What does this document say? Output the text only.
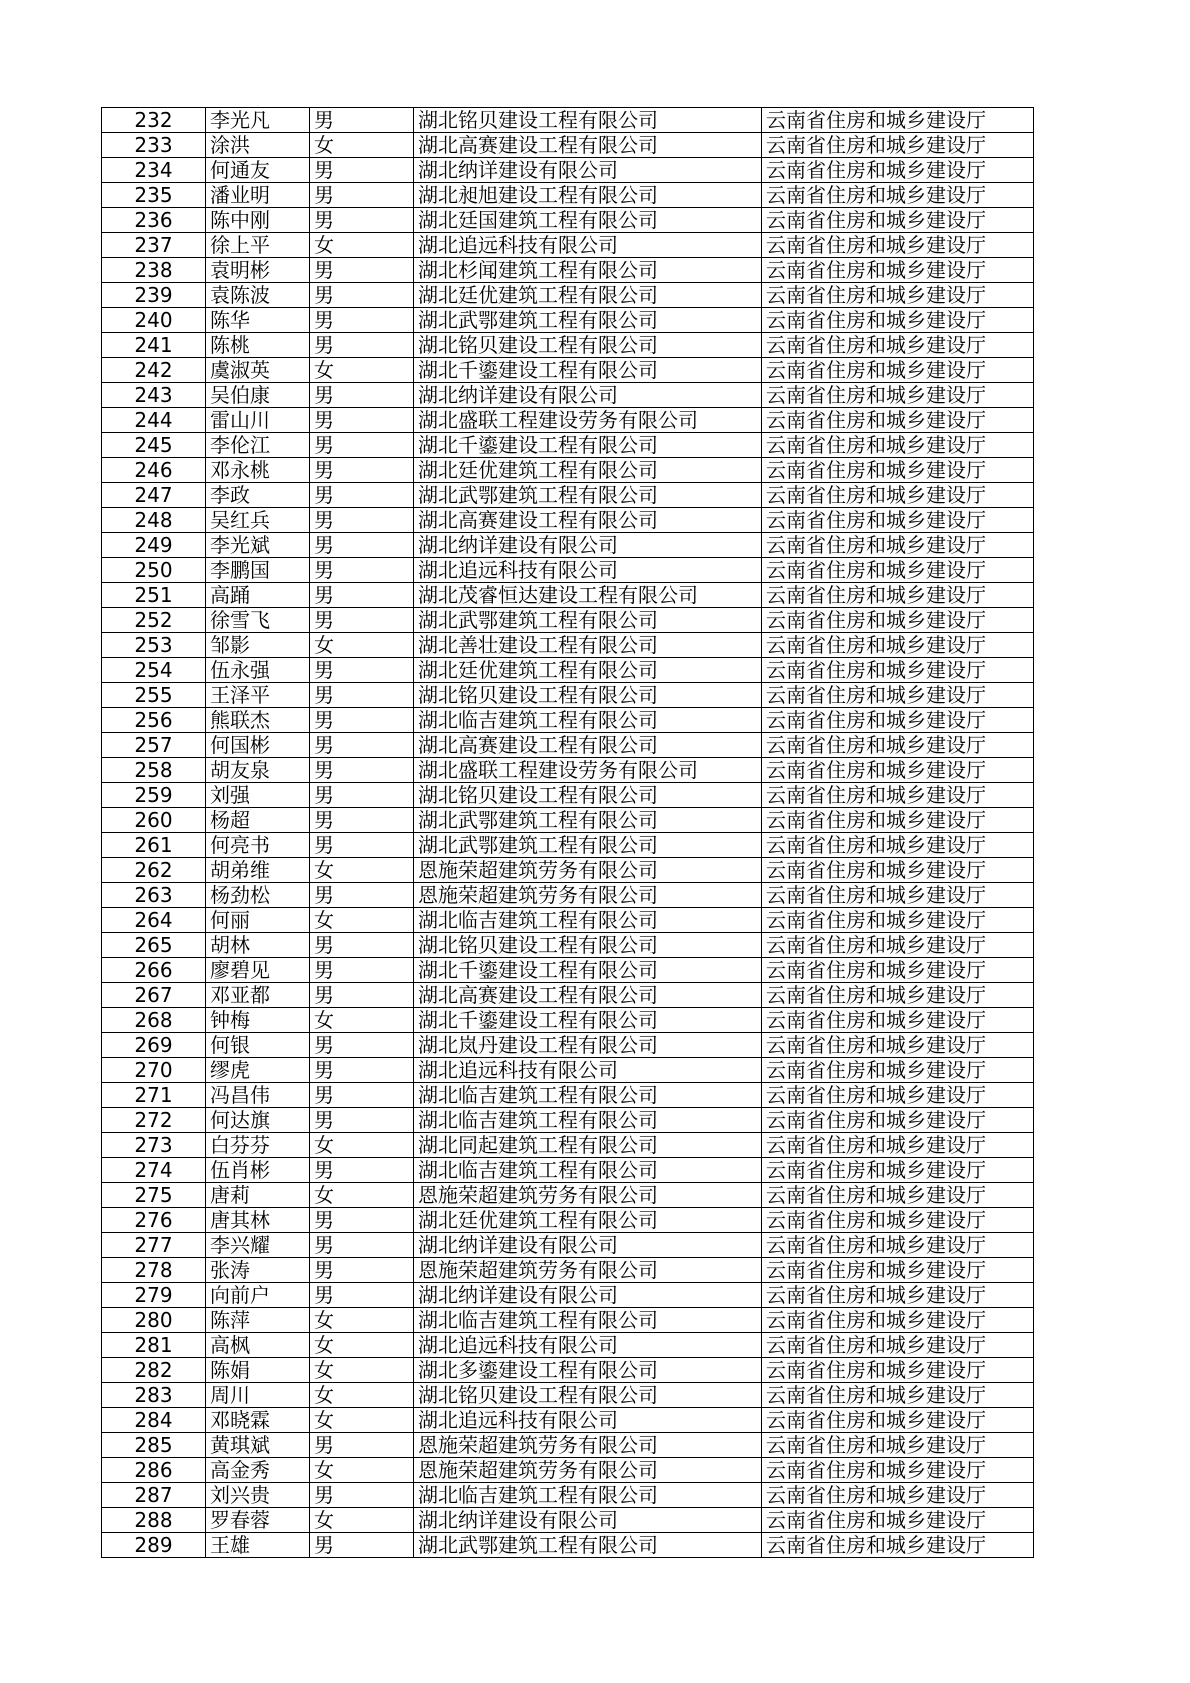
232	李光凡	男	湖北铭贝建设工程有限公司	云南省住房和城乡建设厅
233	涂洪	女	湖北高赛建设工程有限公司	云南省住房和城乡建设厅
234	何通友	男	湖北纳详建设有限公司	云南省住房和城乡建设厅
235	潘业明	男	湖北昶旭建设工程有限公司	云南省住房和城乡建设厅
236	陈中刚	男	湖北廷国建筑工程有限公司	云南省住房和城乡建设厅
237	徐上平	女	湖北追远科技有限公司	云南省住房和城乡建设厅
238	袁明彬	男	湖北杉闻建筑工程有限公司	云南省住房和城乡建设厅
239	袁陈波	男	湖北廷优建筑工程有限公司	云南省住房和城乡建设厅
240	陈华	男	湖北武鄂建筑工程有限公司	云南省住房和城乡建设厅
241	陈桃	男	湖北铭贝建设工程有限公司	云南省住房和城乡建设厅
242	虞淑英	女	湖北千鎏建设工程有限公司	云南省住房和城乡建设厅
243	吴伯康	男	湖北纳详建设有限公司	云南省住房和城乡建设厅
244	雷山川	男	湖北盛联工程建设劳务有限公司	云南省住房和城乡建设厅
245	李伦江	男	湖北千鎏建设工程有限公司	云南省住房和城乡建设厅
246	邓永桃	男	湖北廷优建筑工程有限公司	云南省住房和城乡建设厅
247	李政	男	湖北武鄂建筑工程有限公司	云南省住房和城乡建设厅
248	吴红兵	男	湖北高赛建设工程有限公司	云南省住房和城乡建设厅
249	李光斌	男	湖北纳详建设有限公司	云南省住房和城乡建设厅
250	李鹏国	男	湖北追远科技有限公司	云南省住房和城乡建设厅
251	高踊	男	湖北茂睿恒达建设工程有限公司	云南省住房和城乡建设厅
252	徐雪飞	男	湖北武鄂建筑工程有限公司	云南省住房和城乡建设厅
253	邹影	女	湖北善壮建设工程有限公司	云南省住房和城乡建设厅
254	伍永强	男	湖北廷优建筑工程有限公司	云南省住房和城乡建设厅
255	王泽平	男	湖北铭贝建设工程有限公司	云南省住房和城乡建设厅
256	熊联杰	男	湖北临吉建筑工程有限公司	云南省住房和城乡建设厅
257	何国彬	男	湖北高赛建设工程有限公司	云南省住房和城乡建设厅
258	胡友泉	男	湖北盛联工程建设劳务有限公司	云南省住房和城乡建设厅
259	刘强	男	湖北铭贝建设工程有限公司	云南省住房和城乡建设厅
260	杨超	男	湖北武鄂建筑工程有限公司	云南省住房和城乡建设厅
261	何亮书	男	湖北武鄂建筑工程有限公司	云南省住房和城乡建设厅
262	胡弟维	女	恩施荣超建筑劳务有限公司	云南省住房和城乡建设厅
263	杨劲松	男	恩施荣超建筑劳务有限公司	云南省住房和城乡建设厅
264	何丽	女	湖北临吉建筑工程有限公司	云南省住房和城乡建设厅
265	胡林	男	湖北铭贝建设工程有限公司	云南省住房和城乡建设厅
266	廖碧见	男	湖北千鎏建设工程有限公司	云南省住房和城乡建设厅
267	邓亚都	男	湖北高赛建设工程有限公司	云南省住房和城乡建设厅
268	钟梅	女	湖北千鎏建设工程有限公司	云南省住房和城乡建设厅
269	何银	男	湖北岚丹建设工程有限公司	云南省住房和城乡建设厅
270	缪虎	男	湖北追远科技有限公司	云南省住房和城乡建设厅
271	冯昌伟	男	湖北临吉建筑工程有限公司	云南省住房和城乡建设厅
272	何达旗	男	湖北临吉建筑工程有限公司	云南省住房和城乡建设厅
273	白芬芬	女	湖北同起建筑工程有限公司	云南省住房和城乡建设厅
274	伍肖彬	男	湖北临吉建筑工程有限公司	云南省住房和城乡建设厅
275	唐莉	女	恩施荣超建筑劳务有限公司	云南省住房和城乡建设厅
276	唐其林	男	湖北廷优建筑工程有限公司	云南省住房和城乡建设厅
277	李兴耀	男	湖北纳详建设有限公司	云南省住房和城乡建设厅
278	张涛	男	恩施荣超建筑劳务有限公司	云南省住房和城乡建设厅
279	向前户	男	湖北纳详建设有限公司	云南省住房和城乡建设厅
280	陈萍	女	湖北临吉建筑工程有限公司	云南省住房和城乡建设厅
281	高枫	女	湖北追远科技有限公司	云南省住房和城乡建设厅
282	陈娟	女	湖北多鎏建设工程有限公司	云南省住房和城乡建设厅
283	周川	女	湖北铭贝建设工程有限公司	云南省住房和城乡建设厅
284	邓晓霖	女	湖北追远科技有限公司	云南省住房和城乡建设厅
285	黄琪斌	男	恩施荣超建筑劳务有限公司	云南省住房和城乡建设厅
286	高金秀	女	恩施荣超建筑劳务有限公司	云南省住房和城乡建设厅
287	刘兴贵	男	湖北临吉建筑工程有限公司	云南省住房和城乡建设厅
288	罗春蓉	女	湖北纳详建设有限公司	云南省住房和城乡建设厅
289	王雄	男	湖北武鄂建筑工程有限公司	云南省住房和城乡建设厅
